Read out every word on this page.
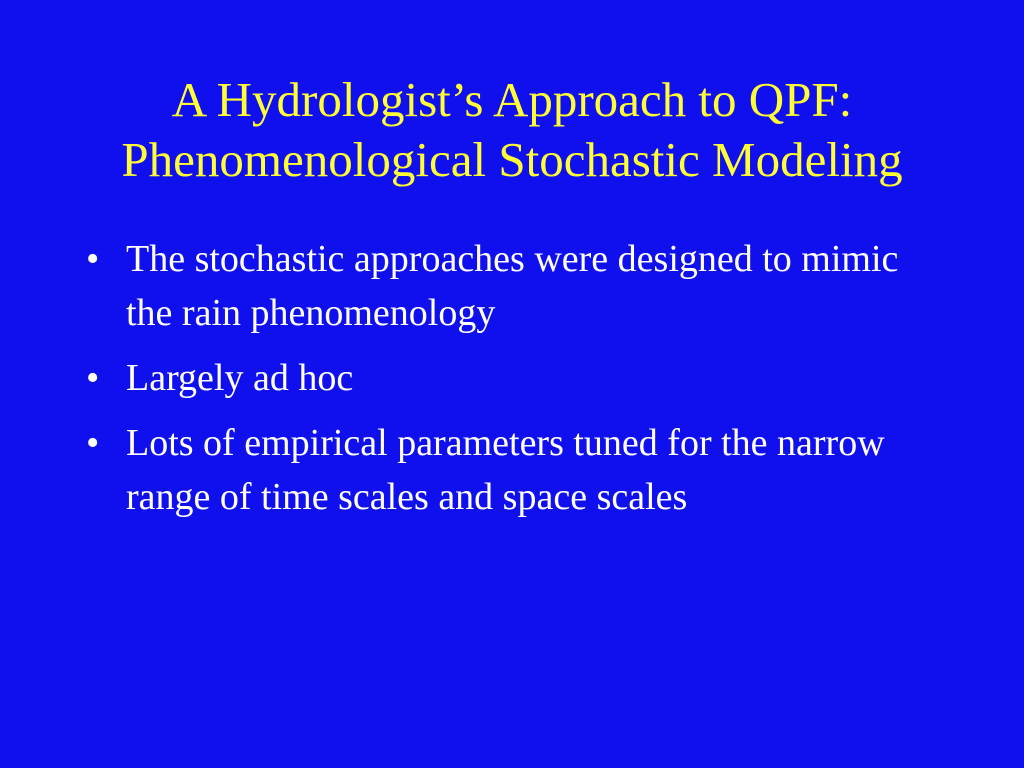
A Hydrologist’s Approach to QPF:
Phenomenological Stochastic Modeling
• The stochastic approaches were designed to mimic the rain phenomenology
• Largely ad hoc
• Lots of empirical parameters tuned for the narrow range of time scales and space scales
